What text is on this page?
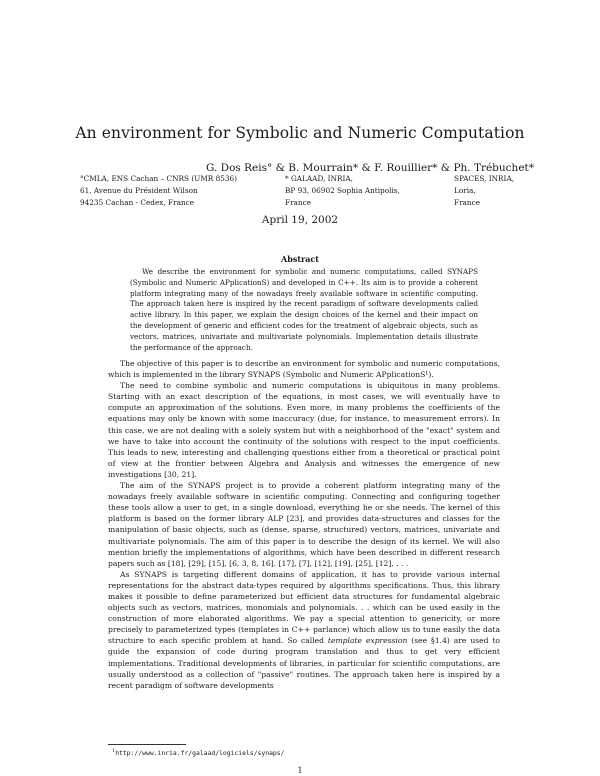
An environment for Symbolic and Numeric Computation
G. Dos Reis° & B. Mourrain* & F. Rouillier* & Ph. Trébuchet*
°CMLA, ENS Cachan – CNRS (UMR 8536)
61, Avenue du Président Wilson
94235 Cachan - Cedex, France
* GALAAD, INRIA,
BP 93, 06902 Sophia Antipolis,
France
SPACES, INRIA,
Loria,
France
April 19, 2002
Abstract

We describe the environment for symbolic and numeric computations, called SYNAPS (Symbolic and Numeric APplicationS) and developed in C++. Its aim is to provide a coherent platform integrating many of the nowadays freely available software in scientific computing. The approach taken here is inspired by the recent paradigm of software developments called active library. In this paper, we explain the design choices of the kernel and their impact on the development of generic and efficient codes for the treatment of algebraic objects, such as vectors, matrices, univariate and multivariate polynomials. Implementation details illustrate the performance of the approach.

The objective of this paper is to describe an environment for symbolic and numeric computations, which is implemented in the library SYNAPS (Symbolic and Numeric APplicationS¹).

The need to combine symbolic and numeric computations is ubiquitous in many problems. Starting with an exact description of the equations, in most cases, we will eventually have to compute an approximation of the solutions. Even more, in many problems the coefficients of the equations may only be known with some inaccuracy (due, for instance, to measurement errors). In this case, we are not dealing with a solely system but with a neighborhood of the "exact" system and we have to take into account the continuity of the solutions with respect to the input coefficients. This leads to new, interesting and challenging questions either from a theoretical or practical point of view at the frontier between Algebra and Analysis and witnesses the emergence of new investigations [30, 21].

The aim of the SYNAPS project is to provide a coherent platform integrating many of the nowadays freely available software in scientific computing. Connecting and configuring together these tools allow a user to get, in a single download, everything he or she needs. The kernel of this platform is based on the former library ALP [23], and provides data-structures and classes for the manipulation of basic objects, such as (dense, sparse, structured) vectors, matrices, univariate and multivariate polynomials. The aim of this paper is to describe the design of its kernel. We will also mention briefly the implementations of algorithms, which have been described in different research papers such as [18], [29], [15], [6, 3, 8, 16]. [17], [7], [12], [19], [25], [12], . . .

As SYNAPS is targeting different domains of application, it has to provide various internal representations for the abstract data-types required by algorithms specifications. Thus, this library makes it possible to define parameterized but efficient data structures for fundamental algebraic objects such as vectors, matrices, monomials and polynomials. . . which can be used easily in the construction of more elaborated algorithms. We pay a special attention to genericity, or more precisely to parameterized types (templates in C++ parlance) which allow us to tune easily the data structure to each specific problem at hand. So called template expression (see §1.4) are used to guide the expansion of code during program translation and thus to get very efficient implementations. Traditional developments of libraries, in particular for scientific computations, are usually understood as a collection of "passive" routines. The approach taken here is inspired by a recent paradigm of software developments

$^1$http://www.inria.fr/galaad/logiciels/synaps/
1
